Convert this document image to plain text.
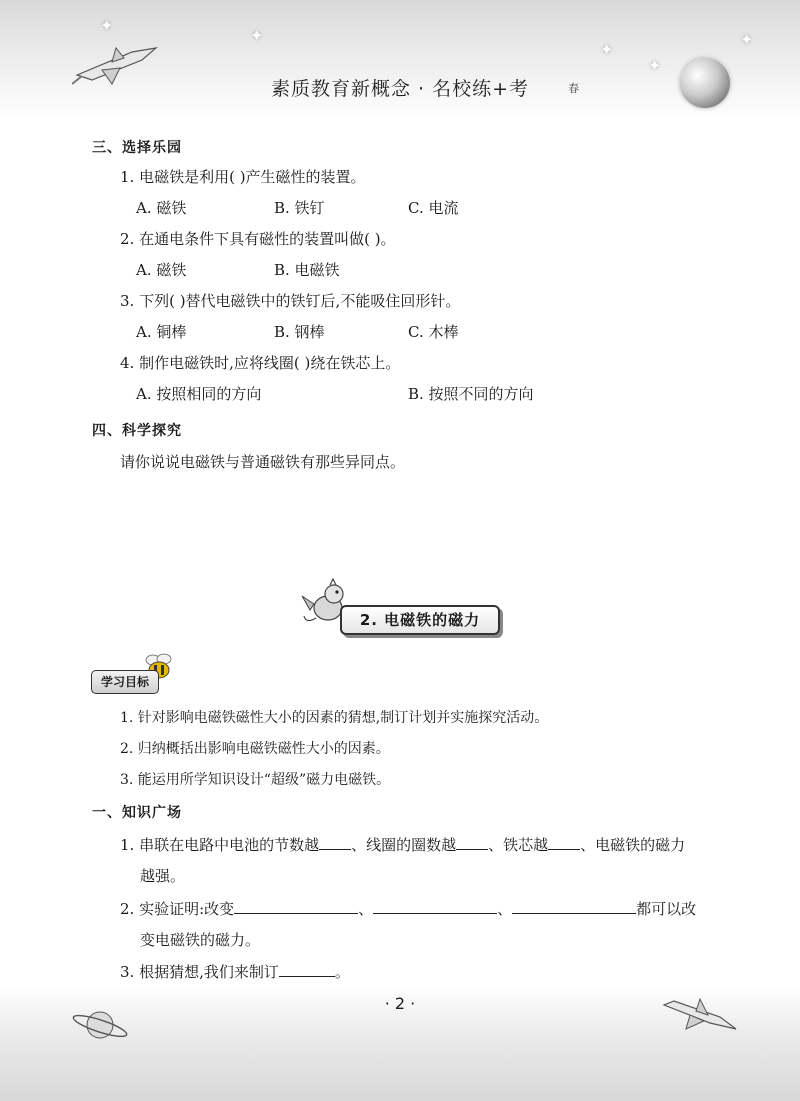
✦
✦
✦
✦
✦
素质教育新概念 · 名校练+考	春
三、选择乐园
1. 电磁铁是利用( )产生磁性的装置。
A. 磁铁	B. 铁钉	C. 电流
2. 在通电条件下具有磁性的装置叫做( )。
A. 磁铁	B. 电磁铁
3. 下列( )替代电磁铁中的铁钉后,不能吸住回形针。
A. 铜棒	B. 钢棒	C. 木棒
4. 制作电磁铁时,应将线圈( )绕在铁芯上。
A. 按照相同的方向	B. 按照不同的方向
四、科学探究
请你说说电磁铁与普通磁铁有那些异同点。
2. 电磁铁的磁力
学习目标
1. 针对影响电磁铁磁性大小的因素的猜想,制订计划并实施探究活动。
2. 归纳概括出影响电磁铁磁性大小的因素。
3. 能运用所学知识设计“超级”磁力电磁铁。
一、知识广场
1. 串联在电路中电池的节数越 、线圈的圈数越 、铁芯越 、电磁铁的磁力
越强。
2. 实验证明:改变	、	、	都可以改
变电磁铁的磁力。
3. 根据猜想,我们来制订	。
· 2 ·
